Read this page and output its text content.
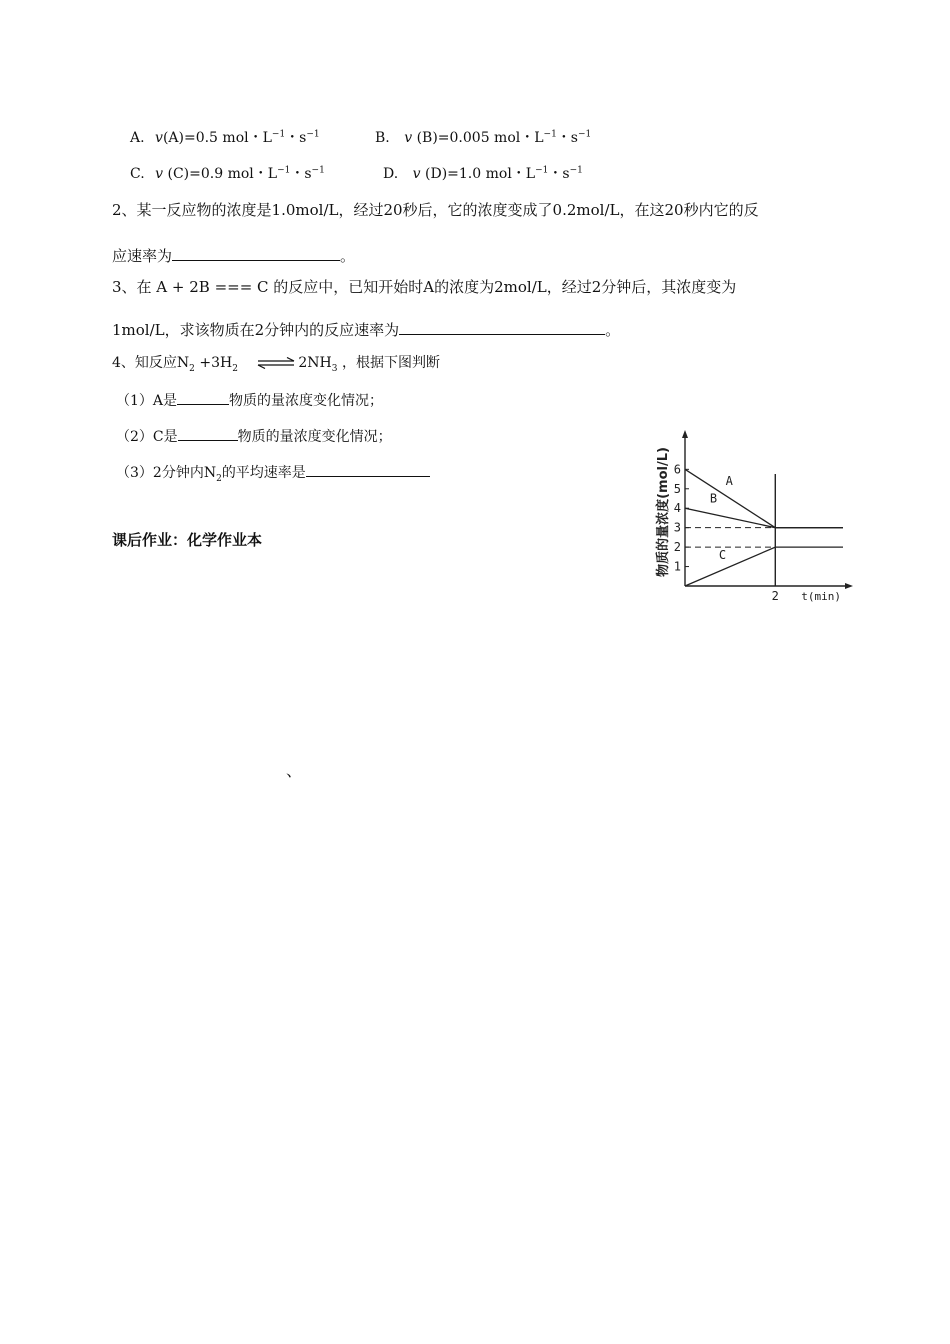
A. v(A)=0.5 mol・$L^{-1}$・$s^{-1}$	B. v (B)=0.005 mol・$L^{-1}$・$s^{-1}$
C. v (C)=0.9 mol・$L^{-1}$・$s^{-1}$	D. v (D)=1.0 mol・$L^{-1}$・$s^{-1}$
2、某一反应物的浓度是1.0mol/L，经过20秒后，它的浓度变成了0.2mol/L，在这20秒内它的反
应速率为	。
3、在 A + 2B === C 的反应中，已知开始时A的浓度为2mol/L，经过2分钟后，其浓度变为
1mol/L，求该物质在2分钟内的反应速率为	。
4、知反应$N_2 +3H_2$ ⇌ $2NH_3$ ，根据下图判断
（1）A是	物质的量浓度变化情况；
（2）C是	物质的量浓度变化情况；
（3）2分钟内$N_2$的平均速率是
课后作业：化学作业本
、
1
2
3
4
5
6
2
A
B
C
t(min)
物质的量浓度(mol/L)
